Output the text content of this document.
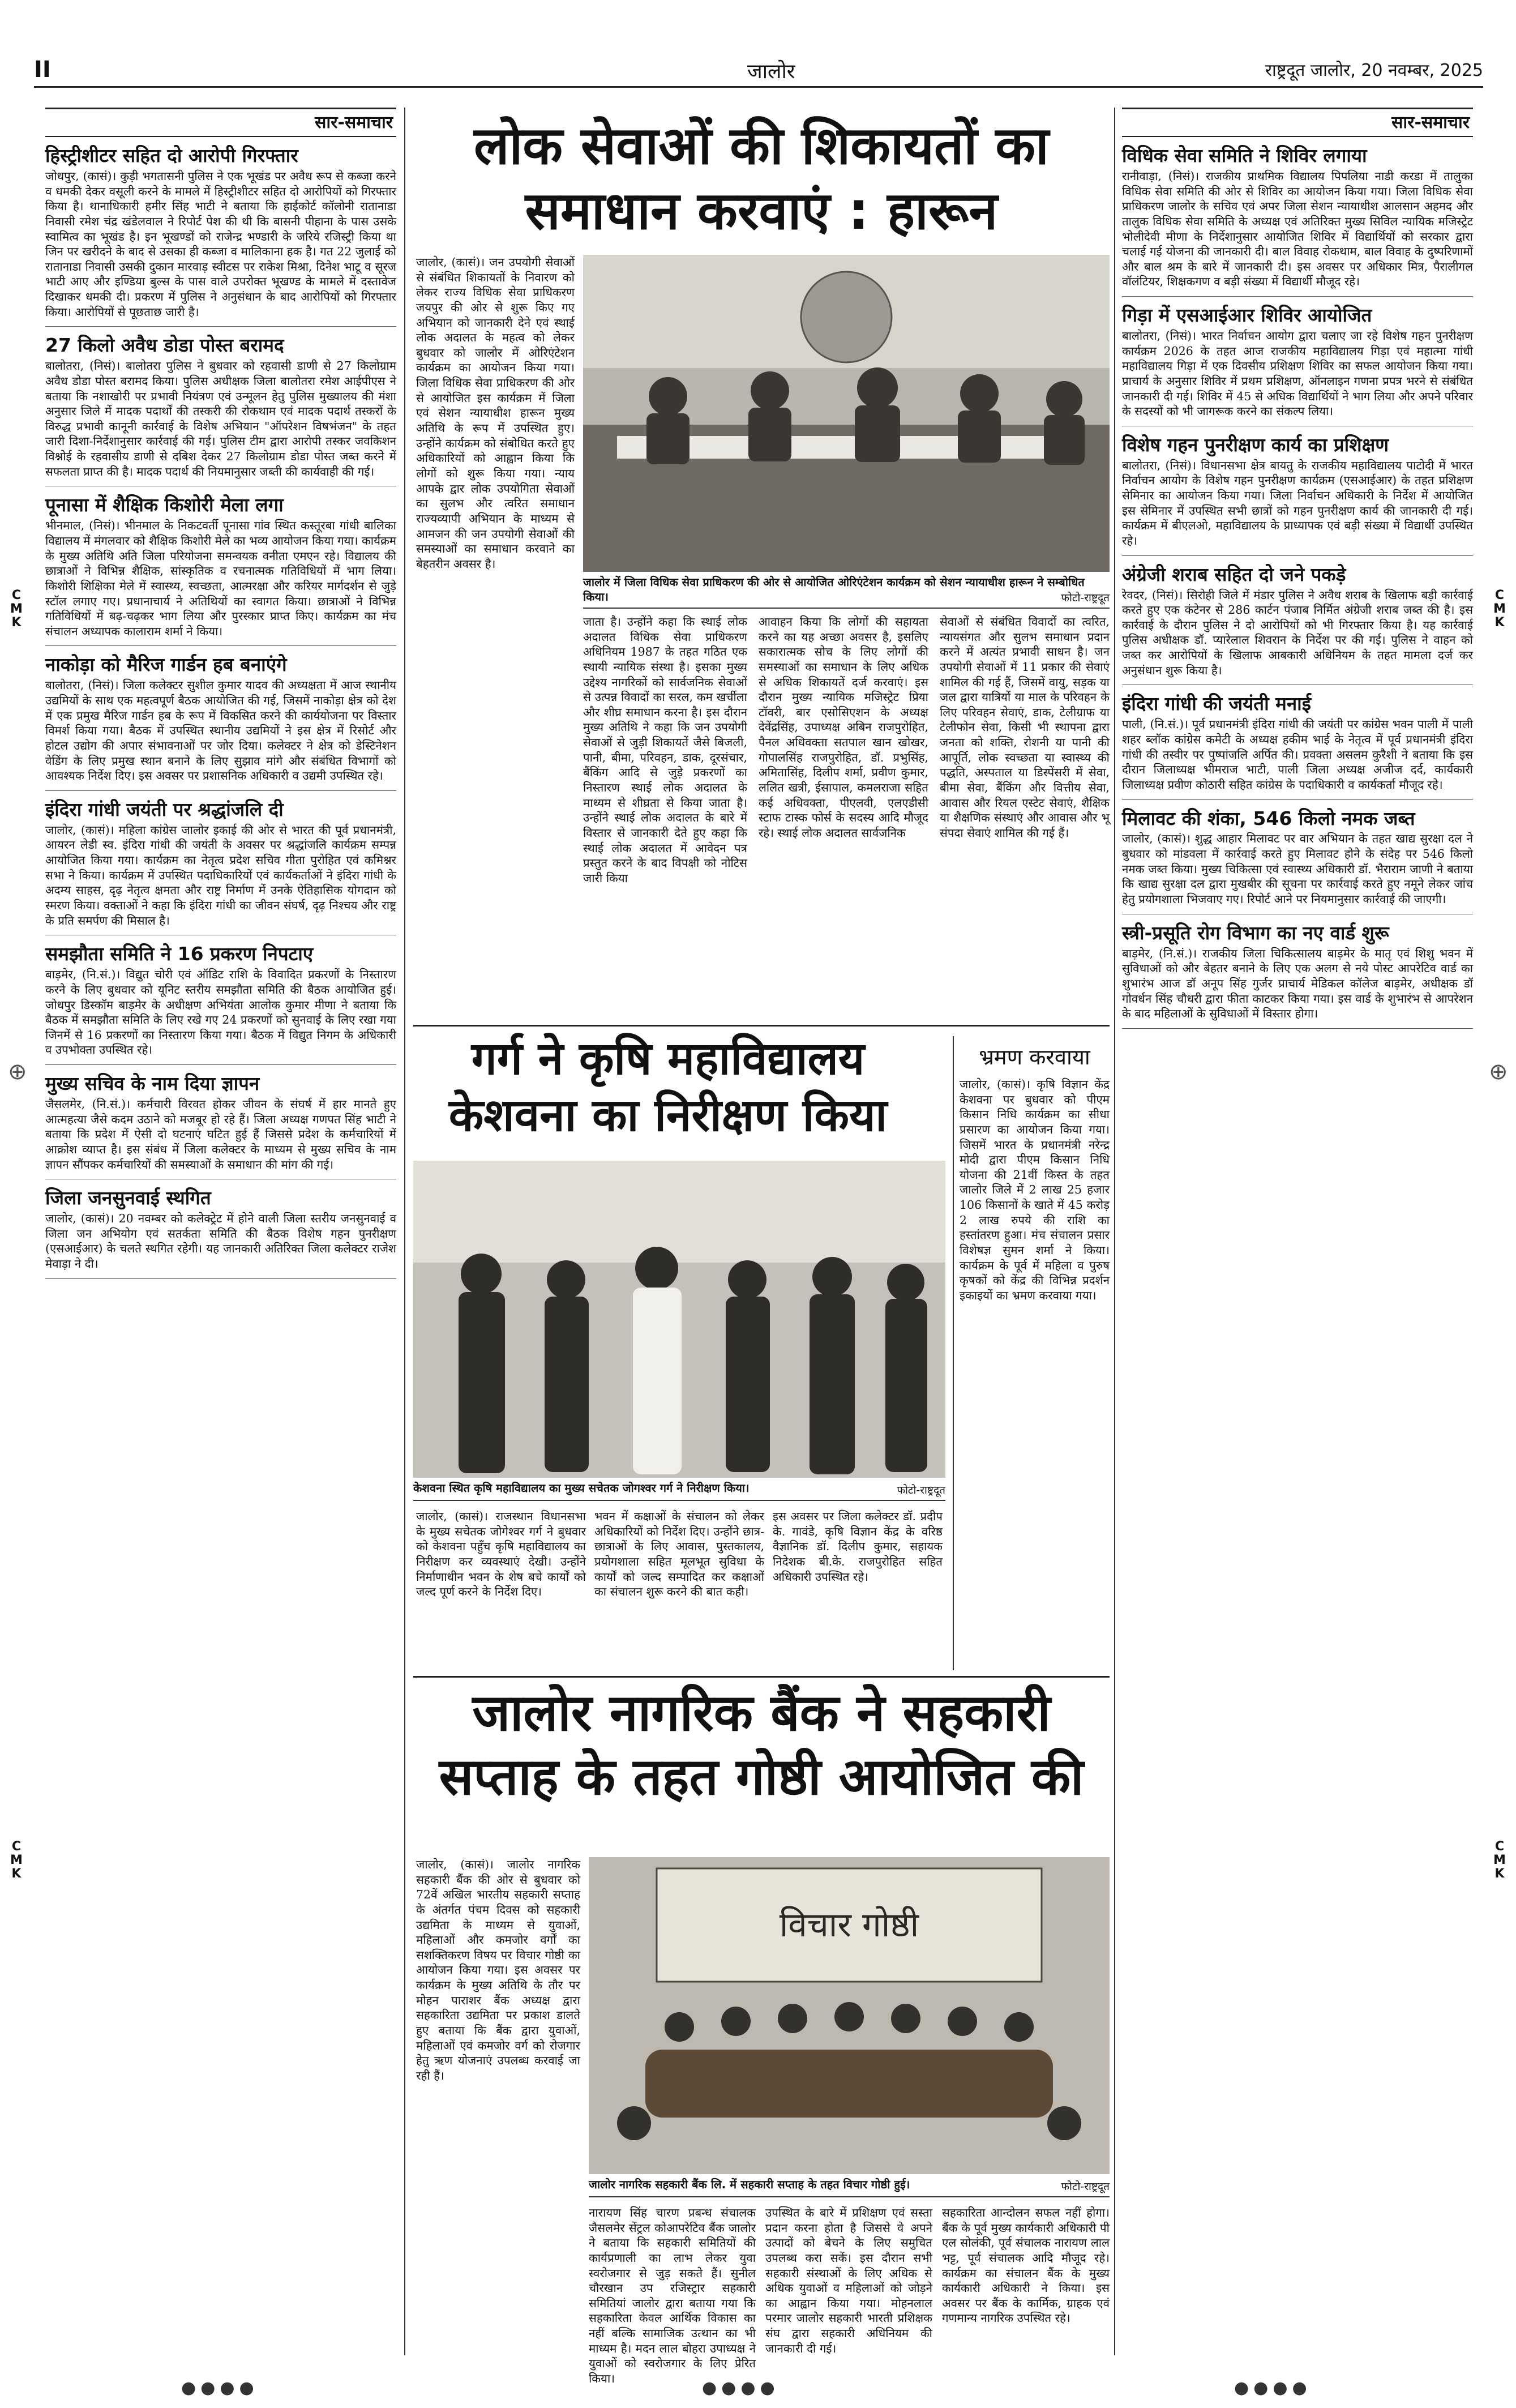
II	जालोर	राष्ट्रदूत जालोर, 20 नवम्बर, 2025
सार-समाचार
हिस्ट्रीशीटर सहित दो आरोपी गिरफ्तार

जोधपुर, (कासं)। कुड़ी भगतासनी पुलिस ने एक भूखंड पर अवैध रूप से कब्जा करने व धमकी देकर वसूली करने के मामले में हिस्ट्रीशीटर सहित दो आरोपियों को गिरफ्तार किया है। थानाधिकारी हमीर सिंह भाटी ने बताया कि हाईकोर्ट कॉलोनी रातानाडा निवासी रमेश चंद्र खंडेलवाल ने रिपोर्ट पेश की थी कि बासनी पीहाना के पास उसके स्वामित्व का भूखंड है। इन भूखण्डों को राजेन्द्र भण्डारी के जरिये रजिस्ट्री किया था जिन पर खरीदने के बाद से उसका ही कब्जा व मालिकाना हक है। गत 22 जुलाई को रातानाडा निवासी उसकी दुकान मारवाड़ स्वीटस पर राकेश मिश्रा, दिनेश भाटू व सूरज भाटी आए और इण्डिया बुल्स के पास वाले उपरोक्त भूखण्ड के मामले में दस्तावेज दिखाकर धमकी दी। प्रकरण में पुलिस ने अनुसंधान के बाद आरोपियों को गिरफ्तार किया। आरोपियों से पूछताछ जारी है।

27 किलो अवैध डोडा पोस्त बरामद

बालोतरा, (निसं)। बालोतरा पुलिस ने बुधवार को रहवासी डाणी से 27 किलोग्राम अवैध डोडा पोस्त बरामद किया। पुलिस अधीक्षक जिला बालोतरा रमेश आईपीएस ने बताया कि नशाखोरी पर प्रभावी नियंत्रण एवं उन्मूलन हेतु पुलिस मुख्यालय की मंशा अनुसार जिले में मादक पदार्थों की तस्करी की रोकथाम एवं मादक पदार्थ तस्करों के विरुद्ध प्रभावी कानूनी कार्रवाई के विशेष अभियान "ऑपरेशन विषभंजन" के तहत जारी दिशा-निर्देशानुसार कार्रवाई की गई। पुलिस टीम द्वारा आरोपी तस्कर जवकिशन विश्नोई के रहवासीय डाणी से दबिश देकर 27 किलोग्राम डोडा पोस्त जब्त करने में सफलता प्राप्त की है। मादक पदार्थ की नियमानुसार जब्ती की कार्यवाही की गई।

पूनासा में शैक्षिक किशोरी मेला लगा

भीनमाल, (निसं)। भीनमाल के निकटवर्ती पूनासा गांव स्थित कस्तूरबा गांधी बालिका विद्यालय में मंगलवार को शैक्षिक किशोरी मेले का भव्य आयोजन किया गया। कार्यक्रम के मुख्य अतिथि अति जिला परियोजना समन्वयक वनीता एमएन रहे। विद्यालय की छात्राओं ने विभिन्न शैक्षिक, सांस्कृतिक व रचनात्मक गतिविधियों में भाग लिया। किशोरी शिक्षिका मेले में स्वास्थ्य, स्वच्छता, आत्मरक्षा और करियर मार्गदर्शन से जुड़े स्टॉल लगाए गए। प्रधानाचार्य ने अतिथियों का स्वागत किया। छात्राओं ने विभिन्न गतिविधियों में बढ़-चढ़कर भाग लिया और पुरस्कार प्राप्त किए। कार्यक्रम का मंच संचालन अध्यापक कालाराम शर्मा ने किया।

नाकोड़ा को मैरिज गार्डन हब बनाएंगे

बालोतरा, (निसं)। जिला कलेक्टर सुशील कुमार यादव की अध्यक्षता में आज स्थानीय उद्यमियों के साथ एक महत्वपूर्ण बैठक आयोजित की गई, जिसमें नाकोड़ा क्षेत्र को देश में एक प्रमुख मैरिज गार्डन हब के रूप में विकसित करने की कार्ययोजना पर विस्तार विमर्श किया गया। बैठक में उपस्थित स्थानीय उद्यमियों ने इस क्षेत्र में रिसोर्ट और होटल उद्योग की अपार संभावनाओं पर जोर दिया। कलेक्टर ने क्षेत्र को डेस्टिनेशन वेडिंग के लिए प्रमुख स्थान बनाने के लिए सुझाव मांगे और संबंधित विभागों को आवश्यक निर्देश दिए। इस अवसर पर प्रशासनिक अधिकारी व उद्यमी उपस्थित रहे।

इंदिरा गांधी जयंती पर श्रद्धांजलि दी

जालोर, (कासं)। महिला कांग्रेस जालोर इकाई की ओर से भारत की पूर्व प्रधानमंत्री, आयरन लेडी स्व. इंदिरा गांधी की जयंती के अवसर पर श्रद्धांजलि कार्यक्रम सम्पन्न आयोजित किया गया। कार्यक्रम का नेतृत्व प्रदेश सचिव गीता पुरोहित एवं कमिश्नर सभा ने किया। कार्यक्रम में उपस्थित पदाधिकारियों एवं कार्यकर्ताओं ने इंदिरा गांधी के अदम्य साहस, दृढ़ नेतृत्व क्षमता और राष्ट्र निर्माण में उनके ऐतिहासिक योगदान को स्मरण किया। वक्ताओं ने कहा कि इंदिरा गांधी का जीवन संघर्ष, दृढ़ निश्चय और राष्ट्र के प्रति समर्पण की मिसाल है।

समझौता समिति ने 16 प्रकरण निपटाए

बाड़मेर, (नि.सं.)। विद्युत चोरी एवं ऑडिट राशि के विवादित प्रकरणों के निस्तारण करने के लिए बुधवार को यूनिट स्तरीय समझौता समिति की बैठक आयोजित हुई। जोधपुर डिस्कॉम बाड़मेर के अधीक्षण अभियंता आलोक कुमार मीणा ने बताया कि बैठक में समझौता समिति के लिए रखे गए 24 प्रकरणों को सुनवाई के लिए रखा गया जिनमें से 16 प्रकरणों का निस्तारण किया गया। बैठक में विद्युत निगम के अधिकारी व उपभोक्ता उपस्थित रहे।

मुख्य सचिव के नाम दिया ज्ञापन

जैसलमेर, (नि.सं.)। कर्मचारी विरवत होकर जीवन के संघर्ष में हार मानते हुए आत्महत्या जैसे कदम उठाने को मजबूर हो रहे हैं। जिला अध्यक्ष गणपत सिंह भाटी ने बताया कि प्रदेश में ऐसी दो घटनाएं घटित हुई हैं जिससे प्रदेश के कर्मचारियों में आक्रोश व्याप्त है। इस संबंध में जिला कलेक्टर के माध्यम से मुख्य सचिव के नाम ज्ञापन सौंपकर कर्मचारियों की समस्याओं के समाधान की मांग की गई।

जिला जनसुनवाई स्थगित

जालोर, (कासं)। 20 नवम्बर को कलेक्ट्रेट में होने वाली जिला स्तरीय जनसुनवाई व जिला जन अभियोग एवं सतर्कता समिति की बैठक विशेष गहन पुनरीक्षण (एसआईआर) के चलते स्थगित रहेगी। यह जानकारी अतिरिक्त जिला कलेक्टर राजेश मेवाड़ा ने दी।

सार-समाचार
विधिक सेवा समिति ने शिविर लगाया

रानीवाड़ा, (निसं)। राजकीय प्राथमिक विद्यालय पिपलिया नाडी करडा में तालुका विधिक सेवा समिति की ओर से शिविर का आयोजन किया गया। जिला विधिक सेवा प्राधिकरण जालोर के सचिव एवं अपर जिला सेशन न्यायाधीश आलसान अहमद और तालुक विधिक सेवा समिति के अध्यक्ष एवं अतिरिक्त मुख्य सिविल न्यायिक मजिस्ट्रेट भोलीदेवी मीणा के निर्देशानुसार आयोजित शिविर में विद्यार्थियों को सरकार द्वारा चलाई गई योजना की जानकारी दी। बाल विवाह रोकथाम, बाल विवाह के दुष्परिणामों और बाल श्रम के बारे में जानकारी दी। इस अवसर पर अधिकार मित्र, पैरालीगल वॉलंटियर, शिक्षकगण व बड़ी संख्या में विद्यार्थी मौजूद रहे।

गिड़ा में एसआईआर शिविर आयोजित

बालोतरा, (निसं)। भारत निर्वाचन आयोग द्वारा चलाए जा रहे विशेष गहन पुनरीक्षण कार्यक्रम 2026 के तहत आज राजकीय महाविद्यालय गिड़ा एवं महात्मा गांधी महाविद्यालय गिड़ा में एक दिवसीय प्रशिक्षण शिविर का सफल आयोजन किया गया। प्राचार्य के अनुसार शिविर में प्रथम प्रशिक्षण, ऑनलाइन गणना प्रपत्र भरने से संबंधित जानकारी दी गई। शिविर में 45 से अधिक विद्यार्थियों ने भाग लिया और अपने परिवार के सदस्यों को भी जागरूक करने का संकल्प लिया।

विशेष गहन पुनरीक्षण कार्य का प्रशिक्षण

बालोतरा, (निसं)। विधानसभा क्षेत्र बायतु के राजकीय महाविद्यालय पाटोदी में भारत निर्वाचन आयोग के विशेष गहन पुनरीक्षण कार्यक्रम (एसआईआर) के तहत प्रशिक्षण सेमिनार का आयोजन किया गया। जिला निर्वाचन अधिकारी के निर्देश में आयोजित इस सेमिनार में उपस्थित सभी छात्रों को गहन पुनरीक्षण कार्य की जानकारी दी गई। कार्यक्रम में बीएलओ, महाविद्यालय के प्राध्यापक एवं बड़ी संख्या में विद्यार्थी उपस्थित रहे।

अंग्रेजी शराब सहित दो जने पकड़े

रेवदर, (निसं)। सिरोही जिले में मंडार पुलिस ने अवैध शराब के खिलाफ बड़ी कार्रवाई करते हुए एक कंटेनर से 286 कार्टन पंजाब निर्मित अंग्रेजी शराब जब्त की है। इस कार्रवाई के दौरान पुलिस ने दो आरोपियों को भी गिरफ्तार किया है। यह कार्रवाई पुलिस अधीक्षक डॉ. प्यारेलाल शिवरान के निर्देश पर की गई। पुलिस ने वाहन को जब्त कर आरोपियों के खिलाफ आबकारी अधिनियम के तहत मामला दर्ज कर अनुसंधान शुरू किया है।

इंदिरा गांधी की जयंती मनाई

पाली, (नि.सं.)। पूर्व प्रधानमंत्री इंदिरा गांधी की जयंती पर कांग्रेस भवन पाली में पाली शहर ब्लॉक कांग्रेस कमेटी के अध्यक्ष हकीम भाई के नेतृत्व में पूर्व प्रधानमंत्री इंदिरा गांधी की तस्वीर पर पुष्पांजलि अर्पित की। प्रवक्ता असलम कुरैशी ने बताया कि इस दौरान जिलाध्यक्ष भीमराज भाटी, पाली जिला अध्यक्ष अजीज दर्द, कार्यकारी जिलाध्यक्ष प्रवीण कोठारी सहित कांग्रेस के पदाधिकारी व कार्यकर्ता मौजूद रहे।

मिलावट की शंका, 546 किलो नमक जब्त

जालोर, (कासं)। शुद्ध आहार मिलावट पर वार अभियान के तहत खाद्य सुरक्षा दल ने बुधवार को मांडवला में कार्रवाई करते हुए मिलावट होने के संदेह पर 546 किलो नमक जब्त किया। मुख्य चिकित्सा एवं स्वास्थ्य अधिकारी डॉ. भैराराम जाणी ने बताया कि खाद्य सुरक्षा दल द्वारा मुखबीर की सूचना पर कार्रवाई करते हुए नमूने लेकर जांच हेतु प्रयोगशाला भिजवाए गए। रिपोर्ट आने पर नियमानुसार कार्रवाई की जाएगी।

स्त्री-प्रसूति रोग विभाग का नए वार्ड शुरू

बाड़मेर, (नि.सं.)। राजकीय जिला चिकित्सालय बाड़मेर के मातृ एवं शिशु भवन में सुविधाओं को और बेहतर बनाने के लिए एक अलग से नये पोस्ट आपरेटिव वार्ड का शुभारंभ आज डॉ अनूप सिंह गुर्जर प्राचार्य मेडिकल कॉलेज बाड़मेर, अधीक्षक डॉ गोवर्धन सिंह चौधरी द्वारा फीता काटकर किया गया। इस वार्ड के शुभारंभ से आपरेशन के बाद महिलाओं के सुविधाओं में विस्तार होगा।

लोक सेवाओं की शिकायतों का समाधान करवाएं : हारून
जालोर, (कासं)। जन उपयोगी सेवाओं से संबंधित शिकायतों के निवारण को लेकर राज्य विधिक सेवा प्राधिकरण जयपुर की ओर से शुरू किए गए अभियान को जानकारी देने एवं स्थाई लोक अदालत के महत्व को लेकर बुधवार को जालोर में ओरिएंटेशन कार्यक्रम का आयोजन किया गया। जिला विधिक सेवा प्राधिकरण की ओर से आयोजित इस कार्यक्रम में जिला एवं सेशन न्यायाधीश हारून मुख्य अतिथि के रूप में उपस्थित हुए। उन्होंने कार्यक्रम को संबोधित करते हुए अधिकारियों को आह्वान किया कि लोगों को शुरू किया गया। न्याय आपके द्वार लोक उपयोगिता सेवाओं का सुलभ और त्वरित समाधान राज्यव्यापी अभियान के माध्यम से आमजन की जन उपयोगी सेवाओं की समस्याओं का समाधान करवाने का बेहतरीन अवसर है।
जालोर में जिला विधिक सेवा प्राधिकरण की ओर से आयोजित ओरिएंटेशन कार्यक्रम को सेशन न्यायाधीश हारून ने सम्बोधित किया।	फोटो-राष्ट्रदूत
जाता है। उन्होंने कहा कि स्थाई लोक अदालत विधिक सेवा प्राधिकरण अधिनियम 1987 के तहत गठित एक स्थायी न्यायिक संस्था है। इसका मुख्य उद्देश्य नागरिकों को सार्वजनिक सेवाओं से उत्पन्न विवादों का सरल, कम खर्चीला और शीघ्र समाधान करना है। इस दौरान मुख्य अतिथि ने कहा कि जन उपयोगी सेवाओं से जुड़ी शिकायतें जैसे बिजली, पानी, बीमा, परिवहन, डाक, दूरसंचार, बैंकिंग आदि से जुड़े प्रकरणों का निस्तारण स्थाई लोक अदालत के माध्यम से शीघ्रता से किया जाता है। उन्होंने स्थाई लोक अदालत के बारे में विस्तार से जानकारी देते हुए कहा कि स्थाई लोक अदालत में आवेदन पत्र प्रस्तुत करने के बाद विपक्षी को नोटिस जारी किया
आवाहन किया कि लोगों की सहायता करने का यह अच्छा अवसर है, इसलिए सकारात्मक सोच के लिए लोगों की समस्याओं का समाधान के लिए अधिक से अधिक शिकायतें दर्ज करवाएं। इस दौरान मुख्य न्यायिक मजिस्ट्रेट प्रिया टॉवरी, बार एसोसिएशन के अध्यक्ष देवेंद्रसिंह, उपाध्यक्ष अबिन राजपुरोहित, पैनल अधिवक्ता सतपाल खान खोखर, गोपालसिंह राजपुरोहित, डॉ. प्रभुसिंह, अमितासिंह, दिलीप शर्मा, प्रवीण कुमार, ललित खत्री, ईसापाल, कमलराजा सहित कई अधिवक्ता, पीएलवी, एलएडीसी स्टाफ टास्क फोर्स के सदस्य आदि मौजूद रहे। स्थाई लोक अदालत सार्वजनिक
सेवाओं से संबंधित विवादों का त्वरित, न्यायसंगत और सुलभ समाधान प्रदान करने में अत्यंत प्रभावी साधन है। जन उपयोगी सेवाओं में 11 प्रकार की सेवाएं शामिल की गई हैं, जिसमें वायु, सड़क या जल द्वारा यात्रियों या माल के परिवहन के लिए परिवहन सेवाएं, डाक, टेलीग्राफ या टेलीफोन सेवा, किसी भी स्थापना द्वारा जनता को शक्ति, रोशनी या पानी की आपूर्ति, लोक स्वच्छता या स्वास्थ्य की पद्धति, अस्पताल या डिस्पेंसरी में सेवा, बीमा सेवा, बैंकिंग और वित्तीय सेवा, आवास और रियल एस्टेट सेवाएं, शैक्षिक या शैक्षणिक संस्थाएं और आवास और भू संपदा सेवाएं शामिल की गई हैं।
गर्ग ने कृषि महाविद्यालय केशवना का निरीक्षण किया
केशवना स्थित कृषि महाविद्यालय का मुख्य सचेतक जोगश्वर गर्ग ने निरीक्षण किया।	फोटो-राष्ट्रदूत
जालोर, (कासं)। राजस्थान विधानसभा के मुख्य सचेतक जोगेश्वर गर्ग ने बुधवार को केशवना पहुँच कृषि महाविद्यालय का निरीक्षण कर व्यवस्थाएं देखी। उन्होंने निर्माणाधीन भवन के शेष बचे कार्यों को जल्द पूर्ण करने के निर्देश दिए।
भवन में कक्षाओं के संचालन को लेकर अधिकारियों को निर्देश दिए। उन्होंने छात्र-छात्राओं के लिए आवास, पुस्तकालय, प्रयोगशाला सहित मूलभूत सुविधा के कार्यों को जल्द सम्पादित कर कक्षाओं का संचालन शुरू करने की बात कही।
इस अवसर पर जिला कलेक्टर डॉ. प्रदीप के. गावंडे, कृषि विज्ञान केंद्र के वरिष्ठ वैज्ञानिक डॉ. दिलीप कुमार, सहायक निदेशक बी.के. राजपुरोहित सहित अधिकारी उपस्थित रहे।
भ्रमण करवाया
जालोर, (कासं)। कृषि विज्ञान केंद्र केशवना पर बुधवार को पीएम किसान निधि कार्यक्रम का सीधा प्रसारण का आयोजन किया गया। जिसमें भारत के प्रधानमंत्री नरेन्द्र मोदी द्वारा पीएम किसान निधि योजना की 21वीं किस्त के तहत जालोर जिले में 2 लाख 25 हजार 106 किसानों के खाते में 45 करोड़ 2 लाख रुपये की राशि का हस्तांतरण हुआ। मंच संचालन प्रसार विशेषज्ञ सुमन शर्मा ने किया। कार्यक्रम के पूर्व में महिला व पुरुष कृषकों को केंद्र की विभिन्न प्रदर्शन इकाइयों का भ्रमण करवाया गया।
जालोर नागरिक बैंक ने सहकारी सप्ताह के तहत गोष्ठी आयोजित की
जालोर, (कासं)। जालोर नागरिक सहकारी बैंक की ओर से बुधवार को 72वें अखिल भारतीय सहकारी सप्ताह के अंतर्गत पंचम दिवस को सहकारी उद्यमिता के माध्यम से युवाओं, महिलाओं और कमजोर वर्गों का सशक्तिकरण विषय पर विचार गोष्ठी का आयोजन किया गया। इस अवसर पर कार्यक्रम के मुख्य अतिथि के तौर पर मोहन पाराशर बैंक अध्यक्ष द्वारा सहकारिता उद्यमिता पर प्रकाश डालते हुए बताया कि बैंक द्वारा युवाओं, महिलाओं एवं कमजोर वर्ग को रोजगार हेतु ऋण योजनाएं उपलब्ध करवाई जा रही हैं।
विचार गोष्ठी
जालोर नागरिक सहकारी बैंक लि. में सहकारी सप्ताह के तहत विचार गोष्ठी हुई।	फोटो-राष्ट्रदूत
नारायण सिंह चारण प्रबन्ध संचालक जैसलमेर सेंट्रल कोआपरेटिव बैंक जालोर ने बताया कि सहकारी समितियों की कार्यप्रणाली का लाभ लेकर युवा स्वरोजगार से जुड़ सकते हैं। सुनील चौरखान उप रजिस्ट्रार सहकारी समितियां जालोर द्वारा बताया गया कि सहकारिता केवल आर्थिक विकास का नहीं बल्कि सामाजिक उत्थान का भी माध्यम है। मदन लाल बोहरा उपाध्यक्ष ने युवाओं को स्वरोजगार के लिए प्रेरित किया।
उपस्थित के बारे में प्रशिक्षण एवं सस्ता प्रदान करना होता है जिससे वे अपने उत्पादों को बेचने के लिए समुचित उपलब्ध करा सकें। इस दौरान सभी सहकारी संस्थाओं के लिए अधिक से अधिक युवाओं व महिलाओं को जोड़ने का आह्वान किया गया। मोहनलाल परमार जालोर सहकारी भारती प्रशिक्षक संघ द्वारा सहकारी अधिनियम की जानकारी दी गई।
सहकारिता आन्दोलन सफल नहीं होगा। बैंक के पूर्व मुख्य कार्यकारी अधिकारी पी एल सोलंकी, पूर्व संचालक नारायण लाल भट्ट, पूर्व संचालक आदि मौजूद रहे। कार्यक्रम का संचालन बैंक के मुख्य कार्यकारी अधिकारी ने किया। इस अवसर पर बैंक के कार्मिक, ग्राहक एवं गणमान्य नागरिक उपस्थित रहे।
C
M
K
C
M
K
C
M
K
C
M
K
⊕	⊕
●●●●	●●●●	●●●●
